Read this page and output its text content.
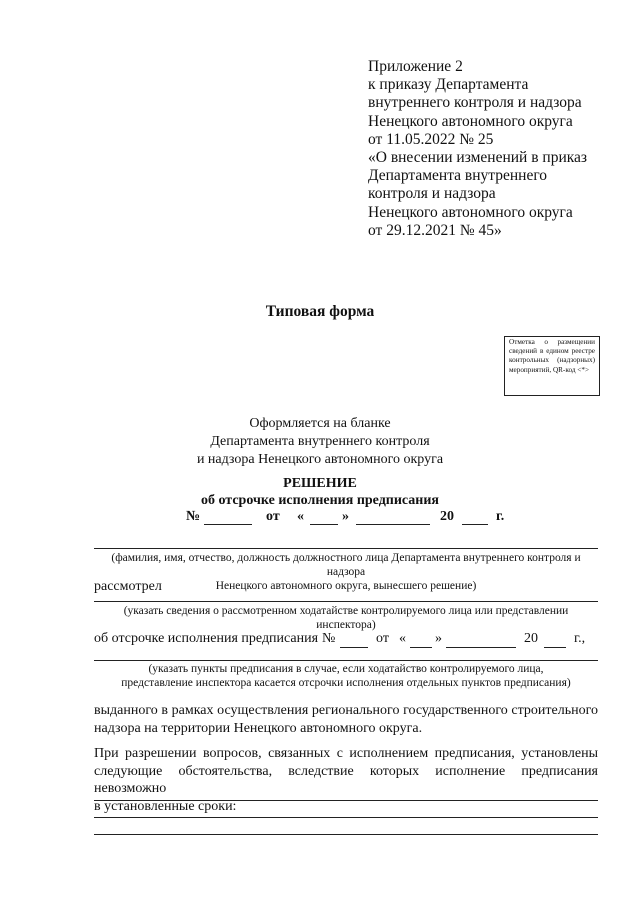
Приложение 2
к приказу Департамента
внутреннего контроля и надзора
Ненецкого автономного округа
от 11.05.2022 № 25
«О внесении изменений в приказ
Департамента внутреннего
контроля и надзора
Ненецкого автономного округа
от 29.12.2021 № 45»
Типовая форма
Отметка о размещении сведений в едином реестре контрольных (надзорных) мероприятий, QR-код <*>
Оформляется на бланке
Департамента внутреннего контроля
и надзора Ненецкого автономного округа
РЕШЕНИЕ
об отсрочке исполнения предписания
№	от «	»	20	г.
(фамилия, имя, отчество, должность должностного лица Департамента внутреннего контроля и надзора
Ненецкого автономного округа, вынесшего решение)
рассмотрел
(указать сведения о рассмотренном ходатайстве контролируемого лица или представлении инспектора)
об отсрочке исполнения предписания №	от « »	20	г.,
(указать пункты предписания в случае, если ходатайство контролируемого лица,
представление инспектора касается отсрочки исполнения отдельных пунктов предписания)
выданного в рамках осуществления регионального государственного строительного
надзора на территории Ненецкого автономного округа.
При разрешении вопросов, связанных с исполнением предписания, установлены
следующие обстоятельства, вследствие которых исполнение предписания невозможно
в установленные сроки:
